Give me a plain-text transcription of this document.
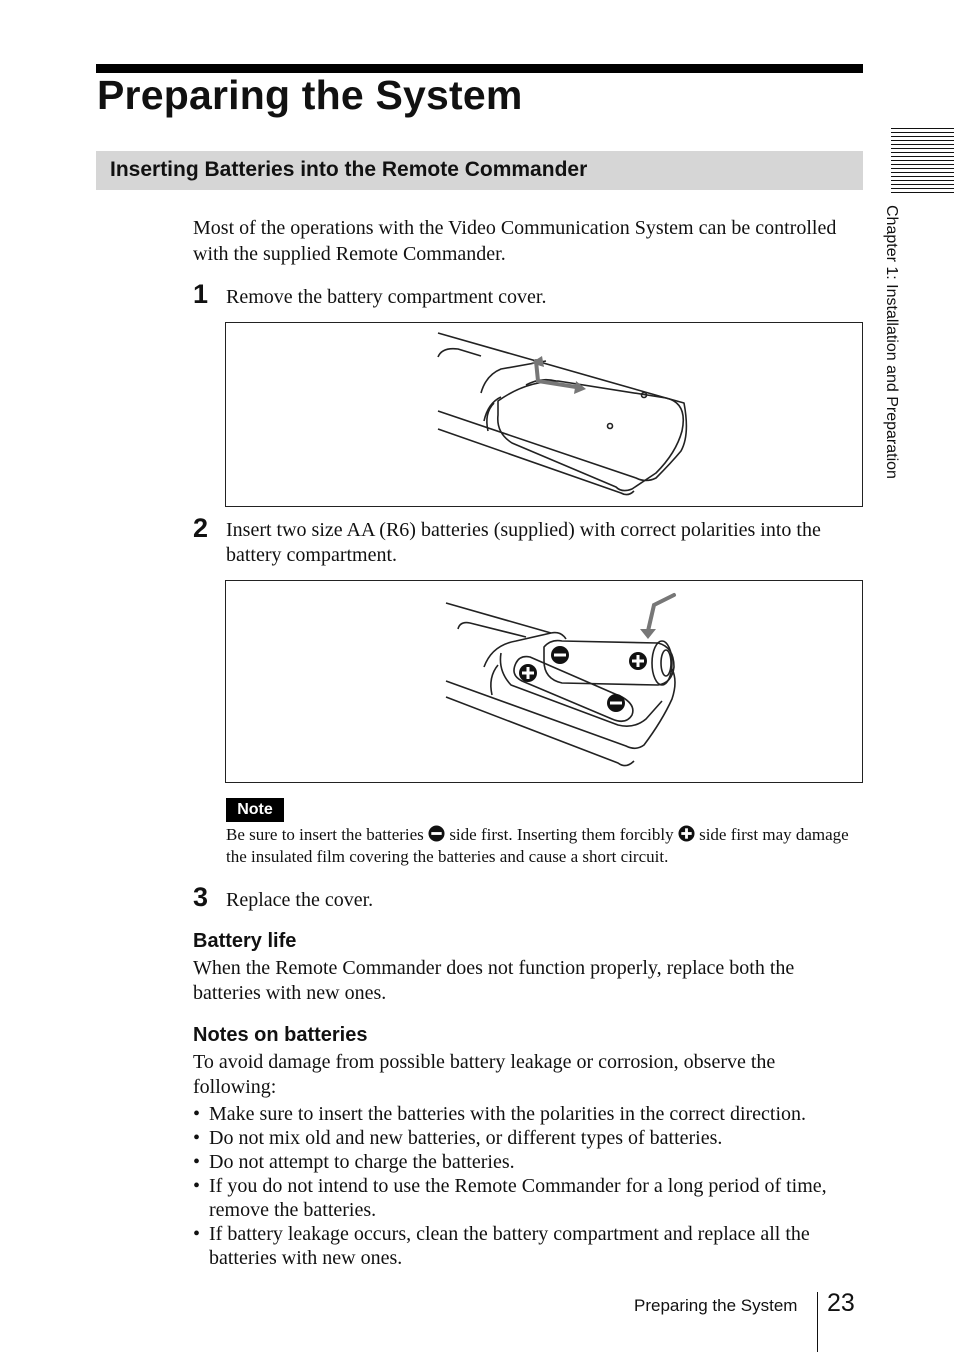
Preparing the System
Inserting Batteries into the Remote Commander
Chapter 1: Installation and Preparation
Most of the operations with the Video Communication System can be controlled with the supplied Remote Commander.
1 Remove the battery compartment cover.
2 Insert two size AA (R6) batteries (supplied) with correct polarities into the battery compartment.
Note
Be sure to insert the batteries  side first. Inserting them forcibly  side first may damage the insulated film covering the batteries and cause a short circuit.
3 Replace the cover.
Battery life
When the Remote Commander does not function properly, replace both the batteries with new ones.
Notes on batteries
To avoid damage from possible battery leakage or corrosion, observe the following:
• Make sure to insert the batteries with the polarities in the correct direction.
• Do not mix old and new batteries, or different types of batteries.
• Do not attempt to charge the batteries.
• If you do not intend to use the Remote Commander for a long period of time, remove the batteries.
• If battery leakage occurs, clean the battery compartment and replace all the batteries with new ones.
Preparing the System 23
